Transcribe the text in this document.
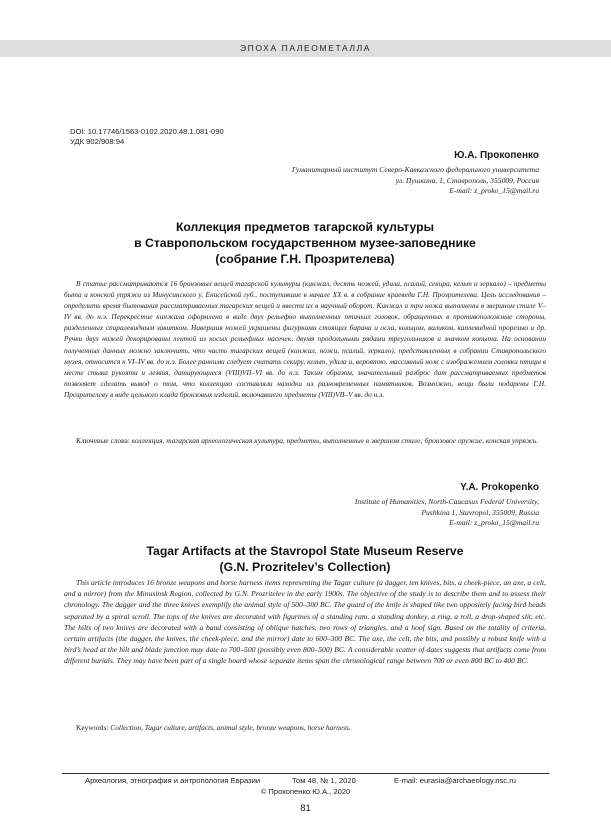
ЭПОХА ПАЛЕОМЕТАЛЛА
DOI: 10.17746/1563-0102.2020.48.1.081-090
УДК 902/908:94
Ю.А. Прокопенко
Гуманитарный институт Северо-Кавказского федерального университета
ул. Пушкина, 1, Ставрополь, 355009, Россия
E-mail: z_proko_15@mail.ru
Коллекция предметов тагарской культуры
в Ставропольском государственном музее-заповеднике
(собрание Г.Н. Прозрителева)
В статье рассматриваются 16 бронзовых вещей тагарской культуры (кинжал, десять ножей, удила, псалий, секира, кельт и зеркало) – предметы быта и конской упряжи из Минусинского у. Енисейской губ., поступившие в начале XX в. в собрание краеведа Г.Н. Прозрителева. Цель исследования – определить время бытования рассматриваемых тагарских вещей и ввести их в научный оборот. Кинжал и три ножа выполнены в зверином стиле V–IV вв. до н.э. Перекрестие кинжала оформлено в виде двух рельефно выполненных птичьих головок, обращенных в противоположные стороны, разделенных спиралевидным завитком. Навершия ножей украшены фигурками стоящих барана и осла, кольцом, валиком, каплевидной прорезью и др. Ручки двух ножей декорированы лентой из косых рельефных насечек, двумя продольными рядами треугольников и значком копыта. На основании полученных данных можно заключить, что часть тагарских вещей (кинжал, ножи, псалий, зеркало), представленных в собрании Ставропольского музея, относится к VI–IV вв. до н.э. Более ранними следует считать секиру, кельт, удила и, вероятно, массивный нож с изображением головки птицы в месте стыка рукояти и лезвия, датирующиеся (VIII)VII–VI вв. до н.э. Таким образом, значительный разброс дат рассматриваемых предметов позволяет сделать вывод о том, что коллекцию составляли находки из разновременных памятников. Возможно, вещи были подарены Г.Н. Прозрителеву в виде цельного клада бронзовых изделий, включавшего предметы (VIII)VII–V вв. до н.э.
Ключевые слова: коллекция, тагарская археологическая культура, предметы, выполненные в зверином стиле; бронзовое оружие, конская упряжь.
Y.A. Prokopenko
Institute of Humanities, North-Caucasus Federal University,
Pushkina 1, Stavropol, 355009, Russia
E-mail: z_proko_15@mail.ru
Tagar Artifacts at the Stavropol State Museum Reserve
(G.N. Prozritelev’s Collection)
This article introduces 16 bronze weapons and horse harness items representing the Tagar culture (a dagger, ten knives, bits, a cheek-piece, an axe, a celt, and a mirror) from the Minusinsk Region, collected by G.N. Prozritelev in the early 1900s. The objective of the study is to describe them and to assess their chronology. The dagger and the three knives exemplify the animal style of 500–300 BC. The guard of the knife is shaped like two oppositely facing bird heads separated by a spiral scroll. The tops of the knives are decorated with figurines of a standing ram, a standing donkey, a ring, a roll, a drop-shaped slit, etc. The hilts of two knives are decorated with a band consisting of oblique hatches, two rows of triangles, and a hoof sign. Based on the totality of criteria, certain artifacts (the dagger, the knives, the cheek-piece, and the mirror) date to 600–300 BC. The axe, the celt, the bits, and possibly a robust knife with a bird’s head at the hilt and blade junction may date to 700–500 (possibly even 800–500) BC. A considerable scatter of dates suggests that artifacts come from different burials. They may have been part of a single hoard whose separate items span the chronological range between 700 or even 800 BC to 400 BC.
Keywords: Collection, Tagar culture, artifacts, animal style, bronze weapons, horse harness.
Археология, этнография и антропология Евразии	Том 48, № 1, 2020	E-mail: eurasia@archaeology.nsc.ru
© Прокопенко Ю.А., 2020
81
